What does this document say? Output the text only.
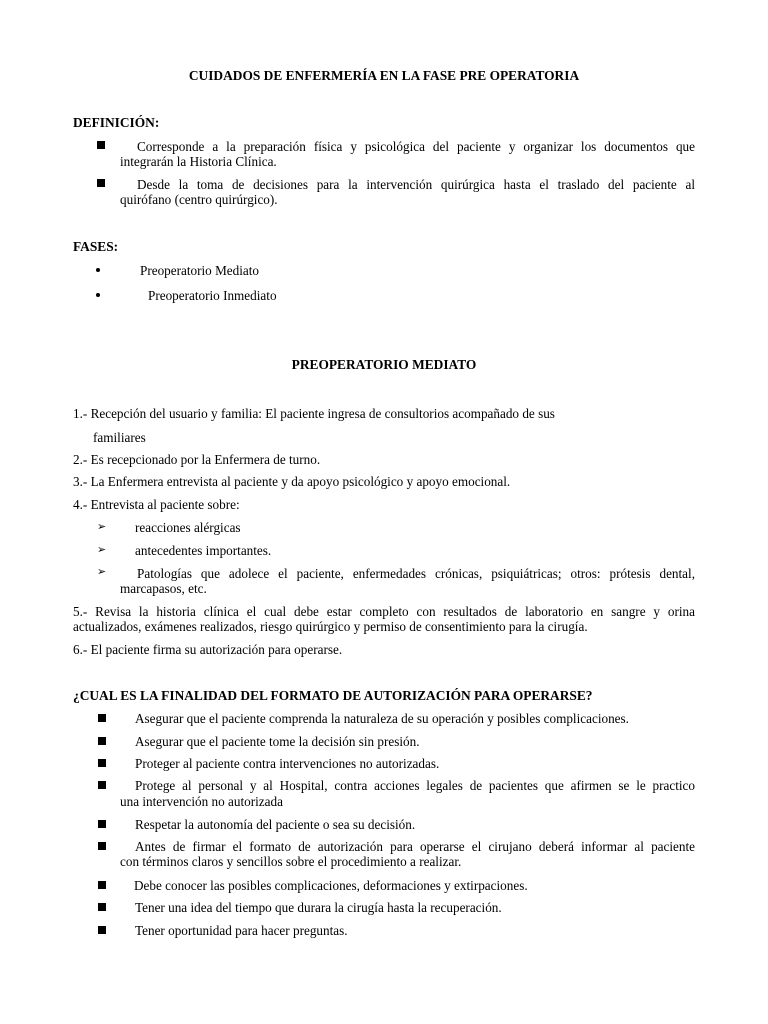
CUIDADOS DE ENFERMERÍA EN LA FASE PRE OPERATORIA
DEFINICIÓN:
Corresponde a la preparación física y psicológica del paciente y organizar los documentos que
integrarán la Historia Clínica.
Desde la toma de decisiones para la intervención quirúrgica hasta el traslado del paciente al
quirófano (centro quirúrgico).
FASES:
Preoperatorio Mediato
Preoperatorio Inmediato
PREOPERATORIO MEDIATO
1.- Recepción del usuario y familia: El paciente ingresa de consultorios acompañado de sus
familiares
2.- Es recepcionado por la Enfermera de turno.
3.- La Enfermera entrevista al paciente y da apoyo psicológico y apoyo emocional.
4.- Entrevista al paciente sobre:
➢ reacciones alérgicas
➢ antecedentes importantes.
➢	Patologías que adolece el paciente, enfermedades crónicas, psiquiátricas; otros: prótesis dental,
marcapasos, etc.
5.- Revisa la historia clínica el cual debe estar completo con resultados de laboratorio en sangre y orina
actualizados, exámenes realizados, riesgo quirúrgico y permiso de consentimiento para la cirugía.
6.- El paciente firma su autorización para operarse.
¿CUAL ES LA FINALIDAD DEL FORMATO DE AUTORIZACIÓN PARA OPERARSE?
Asegurar que el paciente comprenda la naturaleza de su operación y posibles complicaciones.
Asegurar que el paciente tome la decisión sin presión.
Proteger al paciente contra intervenciones no autorizadas.
Protege al personal y al Hospital, contra acciones legales de pacientes que afirmen se le practico
una intervención no autorizada
Respetar la autonomía del paciente o sea su decisión.
Antes de firmar el formato de autorización para operarse el cirujano deberá informar al paciente
con términos claros y sencillos sobre el procedimiento a realizar.
Debe conocer las posibles complicaciones, deformaciones y extirpaciones.
Tener una idea del tiempo que durara la cirugía hasta la recuperación.
Tener oportunidad para hacer preguntas.
